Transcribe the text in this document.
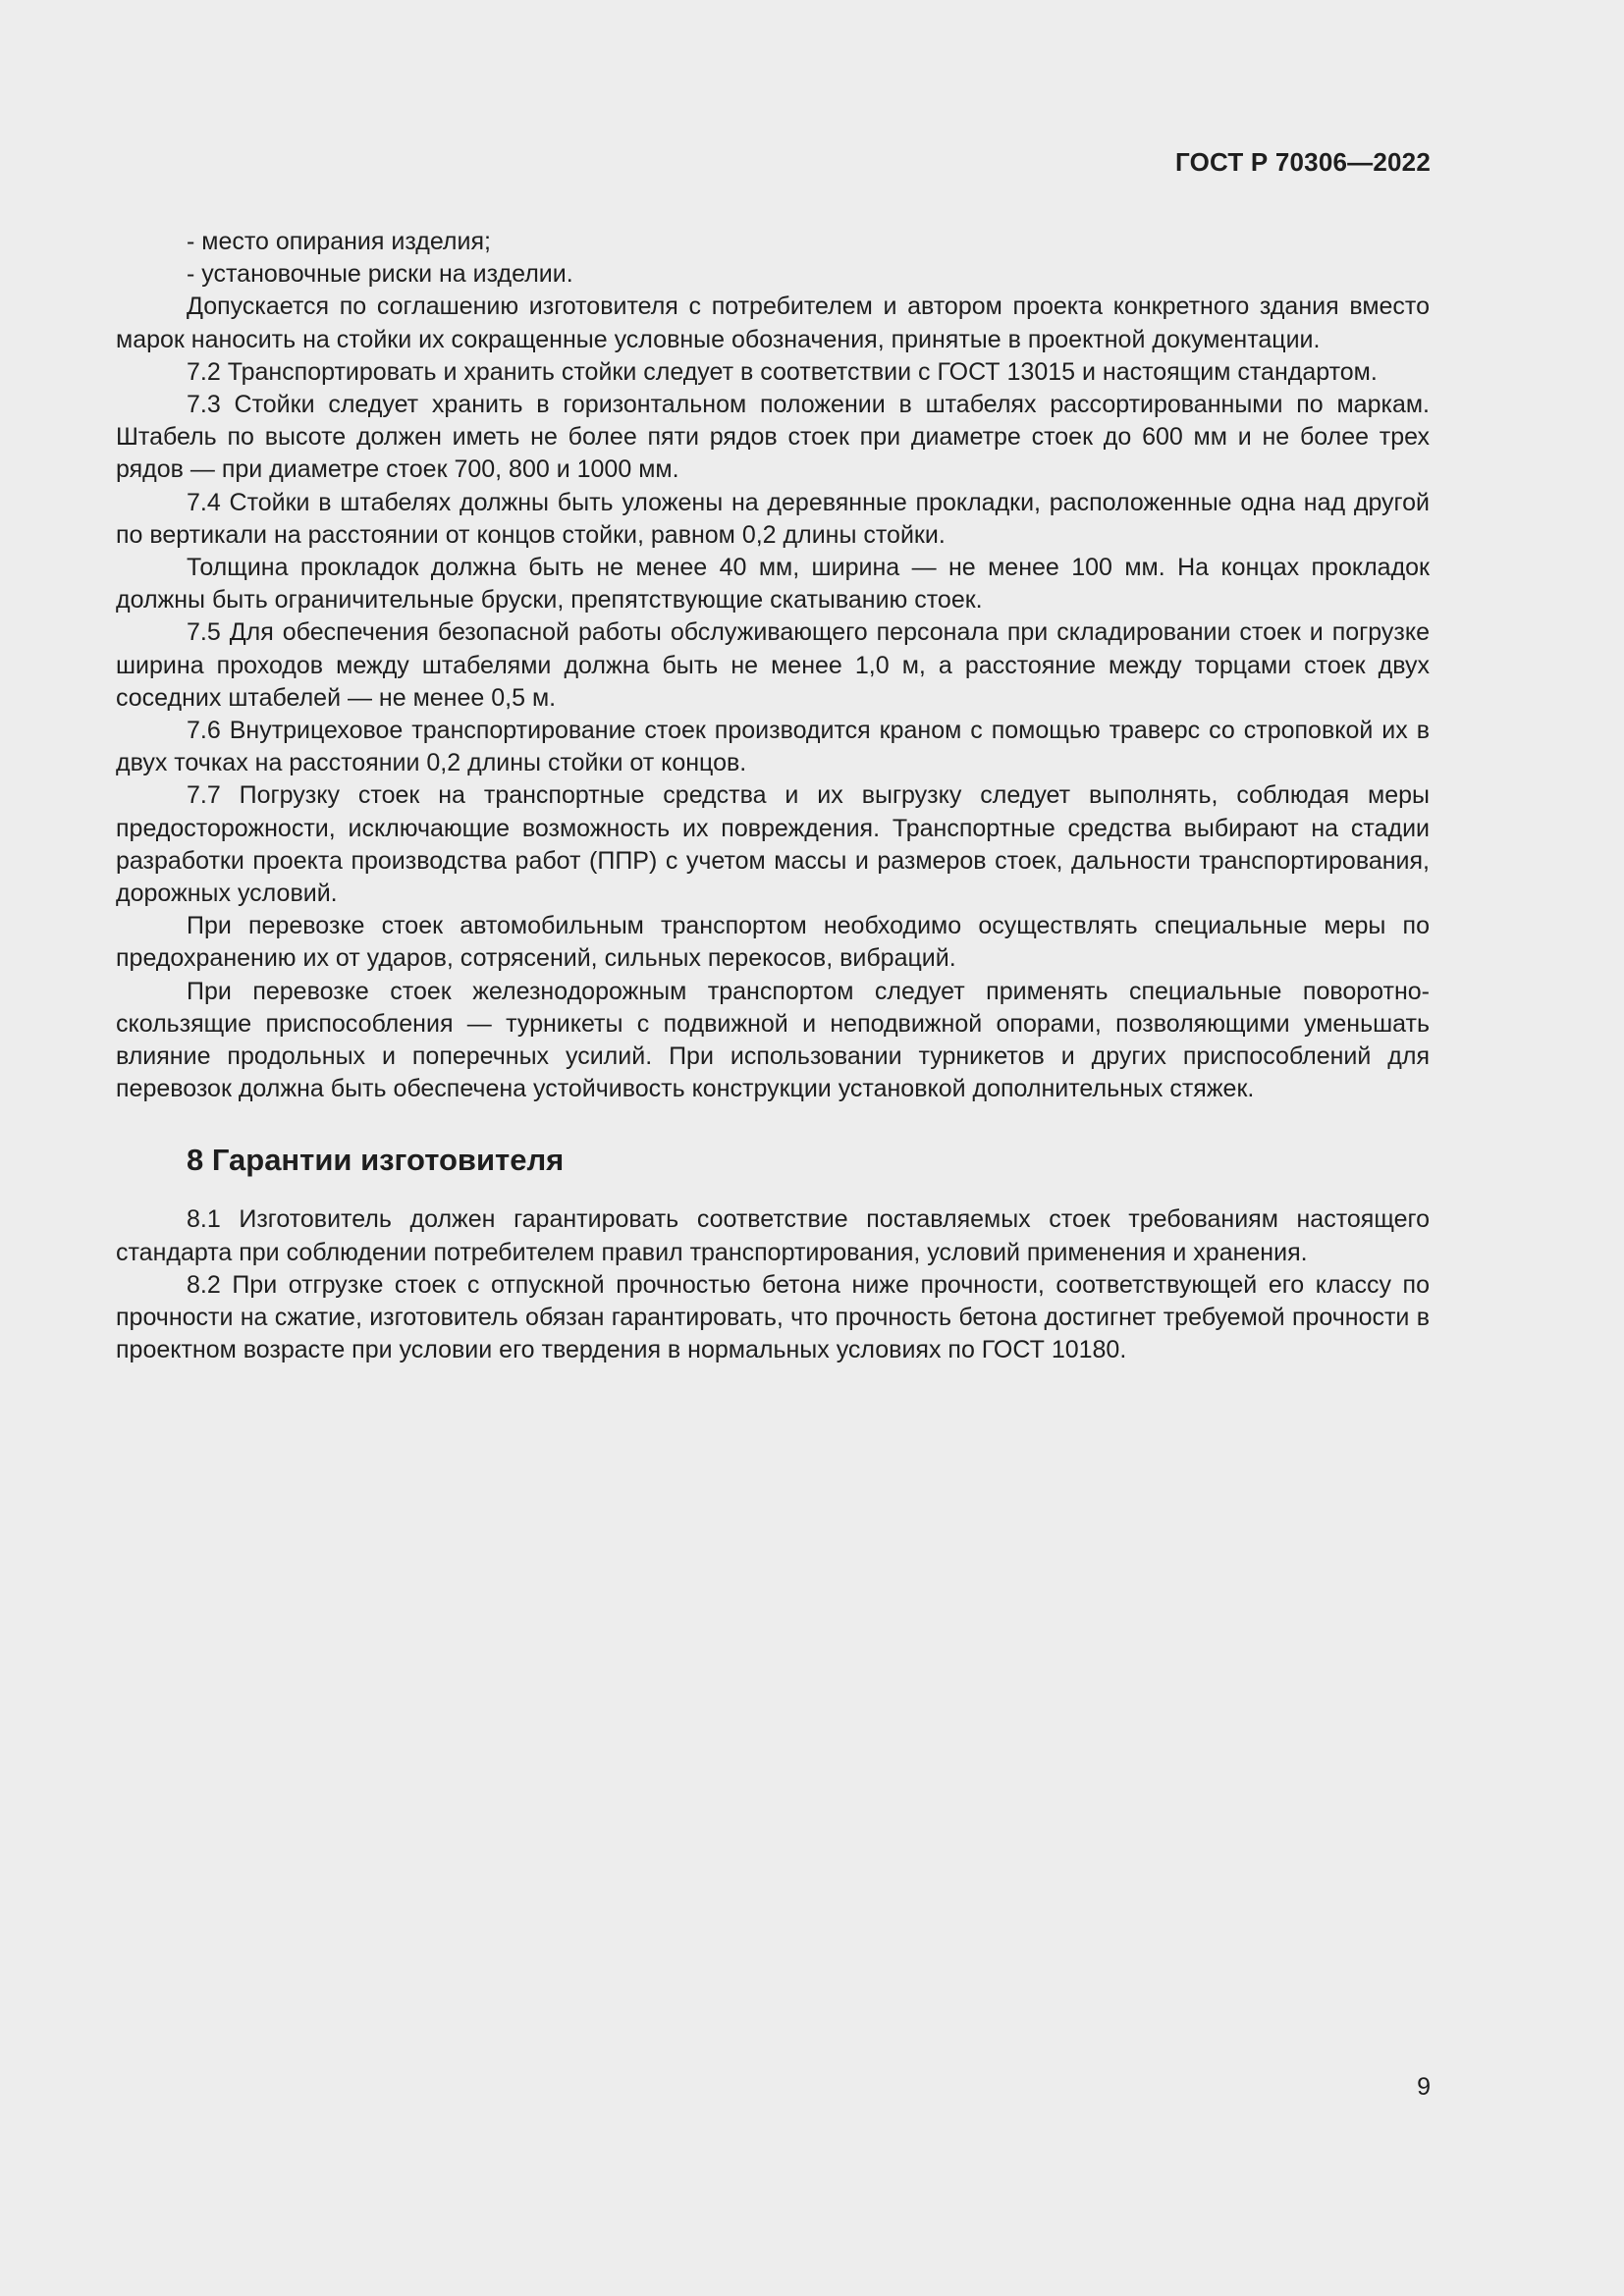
ГОСТ Р 70306—2022

- место опирания изделия;

- установочные риски на изделии.

Допускается по соглашению изготовителя с потребителем и автором проекта конкретного здания вместо марок наносить на стойки их сокращенные условные обозначения, принятые в проектной документации.

7.2 Транспортировать и хранить стойки следует в соответствии с ГОСТ 13015 и настоящим стандартом.

7.3 Стойки следует хранить в горизонтальном положении в штабелях рассортированными по маркам. Штабель по высоте должен иметь не более пяти рядов стоек при диаметре стоек до 600 мм и не более трех рядов — при диаметре стоек 700, 800 и 1000 мм.

7.4 Стойки в штабелях должны быть уложены на деревянные прокладки, расположенные одна над другой по вертикали на расстоянии от концов стойки, равном 0,2 длины стойки.

Толщина прокладок должна быть не менее 40 мм, ширина — не менее 100 мм. На концах прокладок должны быть ограничительные бруски, препятствующие скатыванию стоек.

7.5 Для обеспечения безопасной работы обслуживающего персонала при складировании стоек и погрузке ширина проходов между штабелями должна быть не менее 1,0 м, а расстояние между торцами стоек двух соседних штабелей — не менее 0,5 м.

7.6 Внутрицеховое транспортирование стоек производится краном с помощью траверс со строповкой их в двух точках на расстоянии 0,2 длины стойки от концов.

7.7 Погрузку стоек на транспортные средства и их выгрузку следует выполнять, соблюдая меры предосторожности, исключающие возможность их повреждения. Транспортные средства выбирают на стадии разработки проекта производства работ (ППР) с учетом массы и размеров стоек, дальности транспортирования, дорожных условий.

При перевозке стоек автомобильным транспортом необходимо осуществлять специальные меры по предохранению их от ударов, сотрясений, сильных перекосов, вибраций.

При перевозке стоек железнодорожным транспортом следует применять специальные поворотно-скользящие приспособления — турникеты с подвижной и неподвижной опорами, позволяющими уменьшать влияние продольных и поперечных усилий. При использовании турникетов и других приспособлений для перевозок должна быть обеспечена устойчивость конструкции установкой дополнительных стяжек.

8 Гарантии изготовителя

8.1 Изготовитель должен гарантировать соответствие поставляемых стоек требованиям настоящего стандарта при соблюдении потребителем правил транспортирования, условий применения и хранения.

8.2 При отгрузке стоек с отпускной прочностью бетона ниже прочности, соответствующей его классу по прочности на сжатие, изготовитель обязан гарантировать, что прочность бетона достигнет требуемой прочности в проектном возрасте при условии его твердения в нормальных условиях по ГОСТ 10180.

9
